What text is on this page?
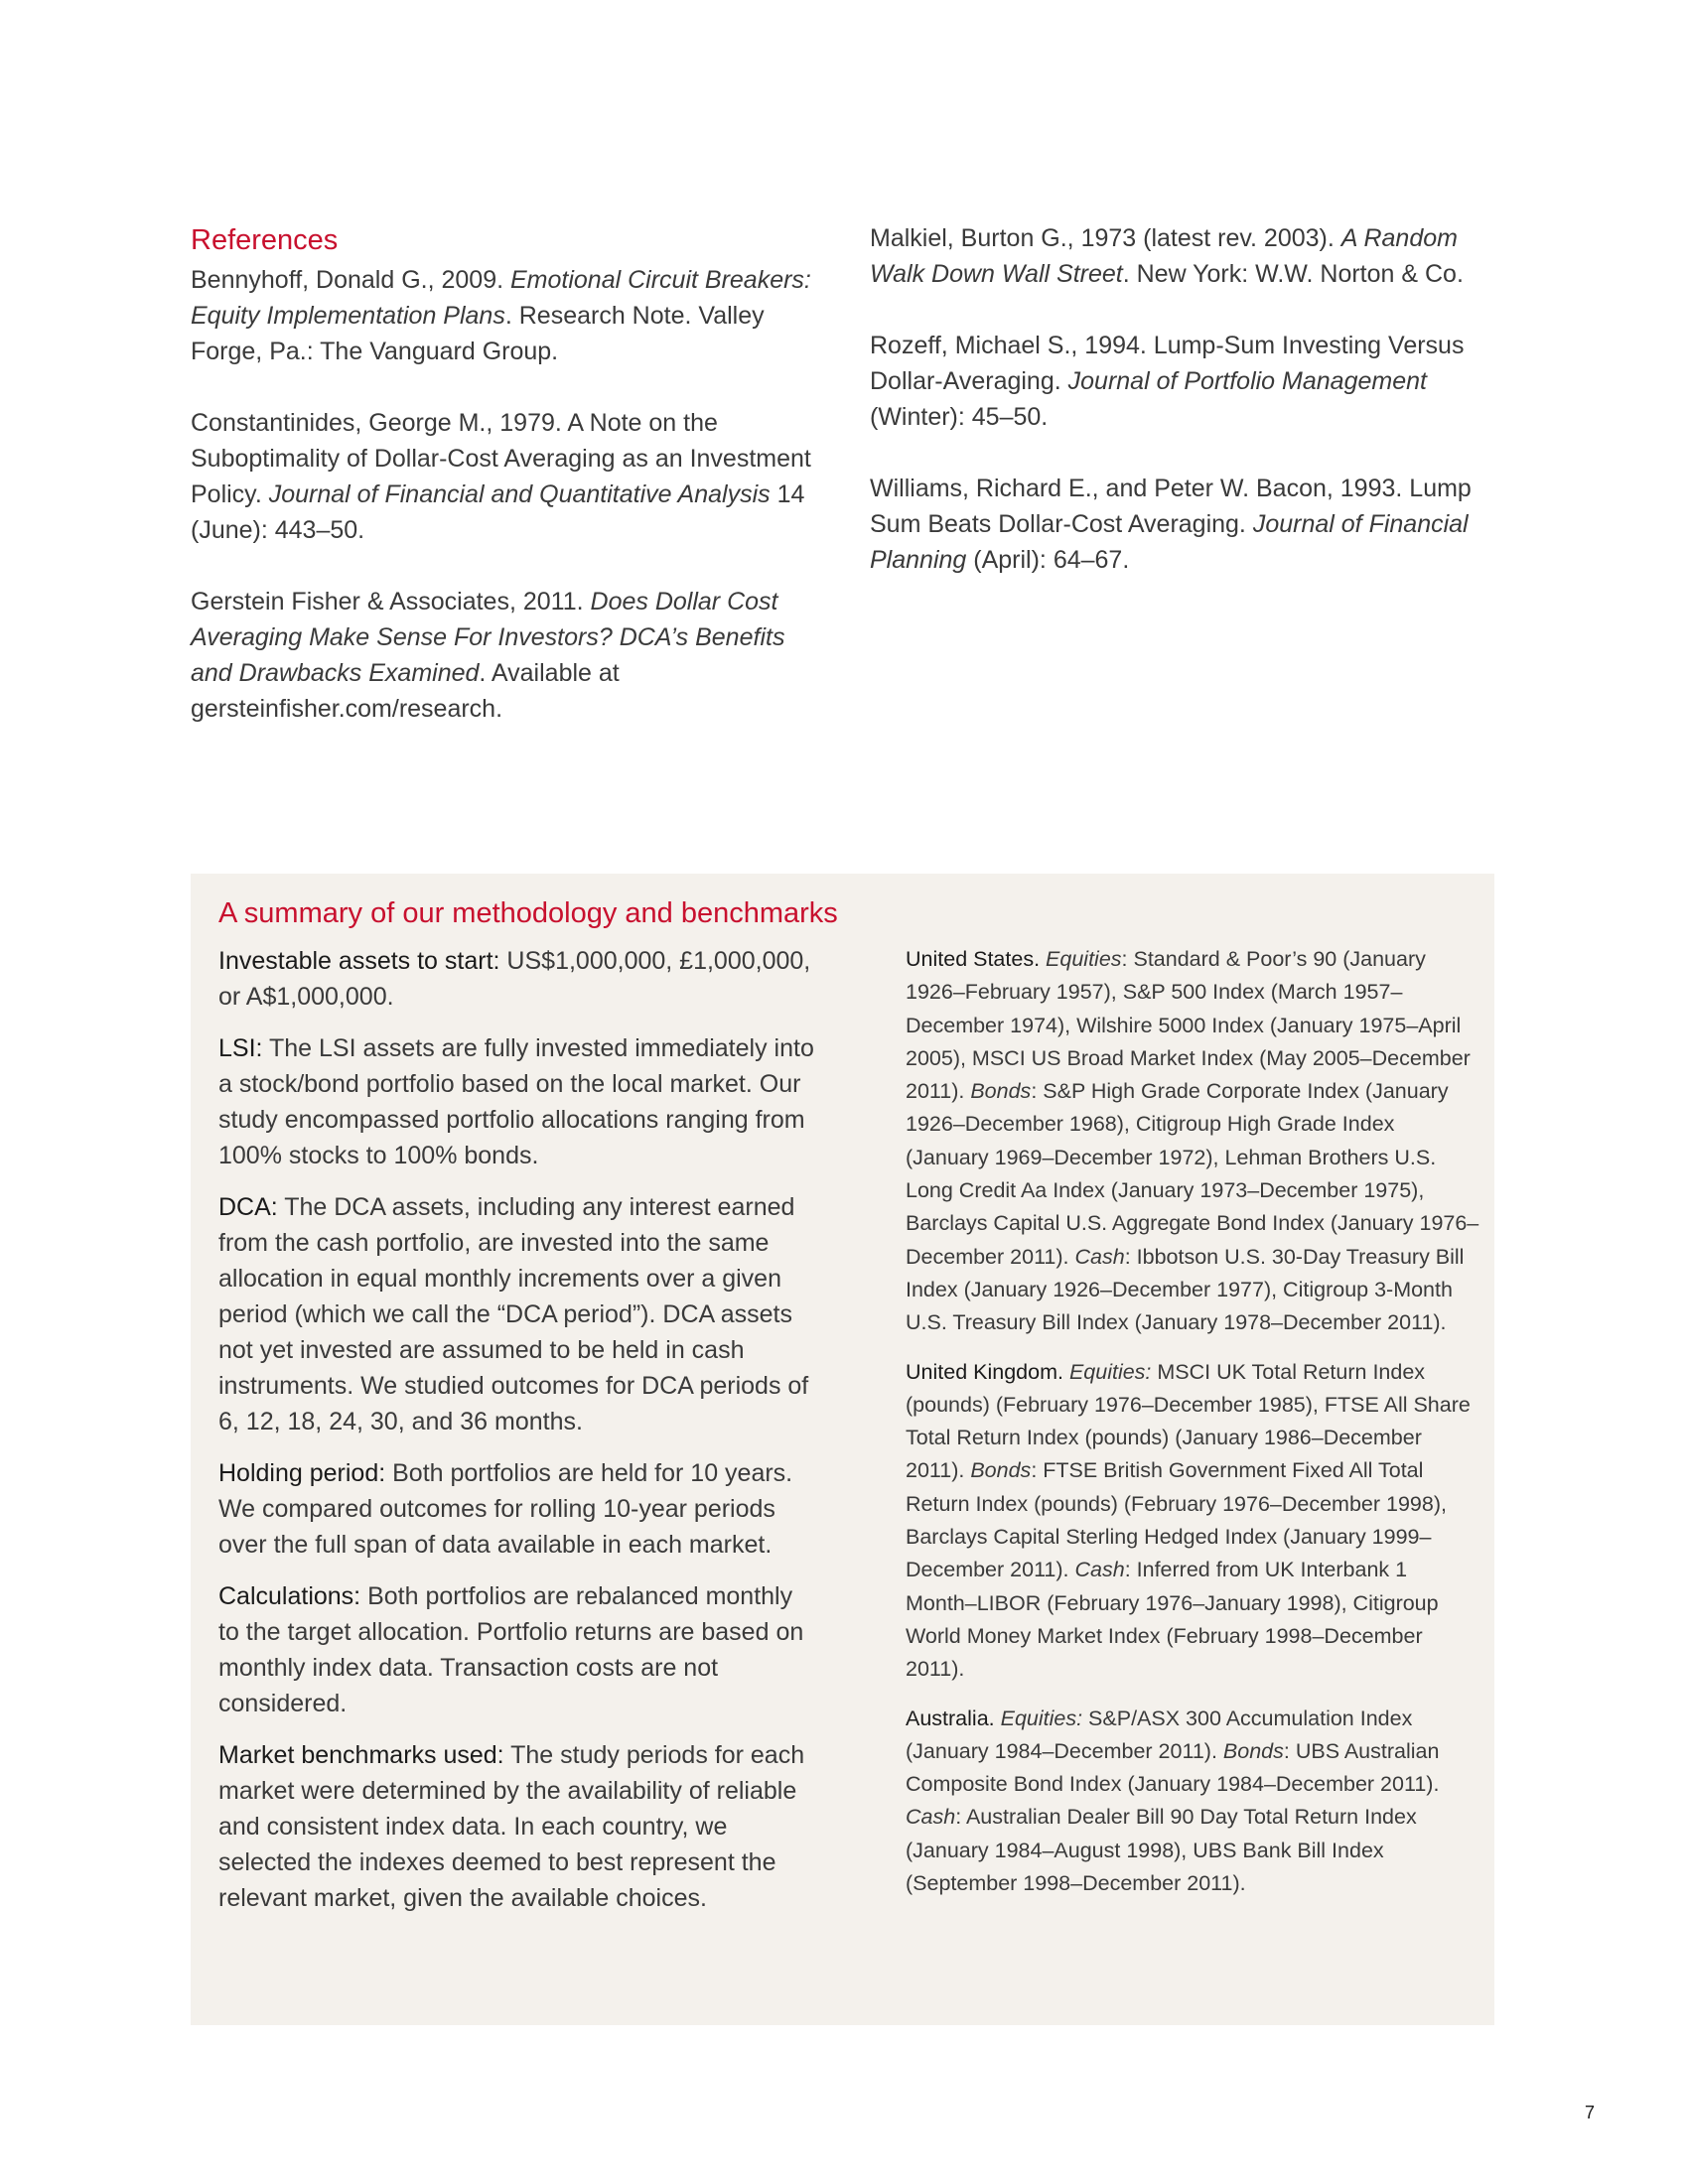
References

Bennyhoff, Donald G., 2009. Emotional Circuit Breakers: Equity Implementation Plans. Research Note. Valley Forge, Pa.: The Vanguard Group.

Constantinides, George M., 1979. A Note on the Suboptimality of Dollar-Cost Averaging as an Investment Policy. Journal of Financial and Quantitative Analysis 14 (June): 443–50.

Gerstein Fisher & Associates, 2011. Does Dollar Cost Averaging Make Sense For Investors? DCA’s Benefits and Drawbacks Examined. Available at gersteinfisher.com/research.

Malkiel, Burton G., 1973 (latest rev. 2003). A Random Walk Down Wall Street. New York: W.W. Norton & Co.

Rozeff, Michael S., 1994. Lump-Sum Investing Versus Dollar-Averaging. Journal of Portfolio Management (Winter): 45–50.

Williams, Richard E., and Peter W. Bacon, 1993. Lump Sum Beats Dollar-Cost Averaging. Journal of Financial Planning (April): 64–67.

A summary of our methodology and benchmarks

Investable assets to start: US$1,000,000, £1,000,000, or A$1,000,000.

LSI: The LSI assets are fully invested immediately into a stock/bond portfolio based on the local market. Our study encompassed portfolio allocations ranging from 100% stocks to 100% bonds.

DCA: The DCA assets, including any interest earned from the cash portfolio, are invested into the same allocation in equal monthly increments over a given period (which we call the “DCA period”). DCA assets not yet invested are assumed to be held in cash instruments. We studied outcomes for DCA periods of 6, 12, 18, 24, 30, and 36 months.

Holding period: Both portfolios are held for 10 years. We compared outcomes for rolling 10-year periods over the full span of data available in each market.

Calculations: Both portfolios are rebalanced monthly to the target allocation. Portfolio returns are based on monthly index data. Transaction costs are not considered.

Market benchmarks used: The study periods for each market were determined by the availability of reliable and consistent index data. In each country, we selected the indexes deemed to best represent the relevant market, given the available choices.

United States. Equities: Standard & Poor’s 90 (January 1926–February 1957), S&P 500 Index (March 1957–December 1974), Wilshire 5000 Index (January 1975–April 2005), MSCI US Broad Market Index (May 2005–December 2011). Bonds: S&P High Grade Corporate Index (January 1926–December 1968), Citigroup High Grade Index (January 1969–December 1972), Lehman Brothers U.S. Long Credit Aa Index (January 1973–December 1975), Barclays Capital U.S. Aggregate Bond Index (January 1976–December 2011). Cash: Ibbotson U.S. 30-Day Treasury Bill Index (January 1926–December 1977), Citigroup 3-Month U.S. Treasury Bill Index (January 1978–December 2011).

United Kingdom. Equities: MSCI UK Total Return Index (pounds) (February 1976–December 1985), FTSE All Share Total Return Index (pounds) (January 1986–December 2011). Bonds: FTSE British Government Fixed All Total Return Index (pounds) (February 1976–December 1998), Barclays Capital Sterling Hedged Index (January 1999–December 2011). Cash: Inferred from UK Interbank 1 Month–LIBOR (February 1976–January 1998), Citigroup World Money Market Index (February 1998–December 2011).

Australia. Equities: S&P/ASX 300 Accumulation Index (January 1984–December 2011). Bonds: UBS Australian Composite Bond Index (January 1984–December 2011). Cash: Australian Dealer Bill 90 Day Total Return Index (January 1984–August 1998), UBS Bank Bill Index (September 1998–December 2011).

7
